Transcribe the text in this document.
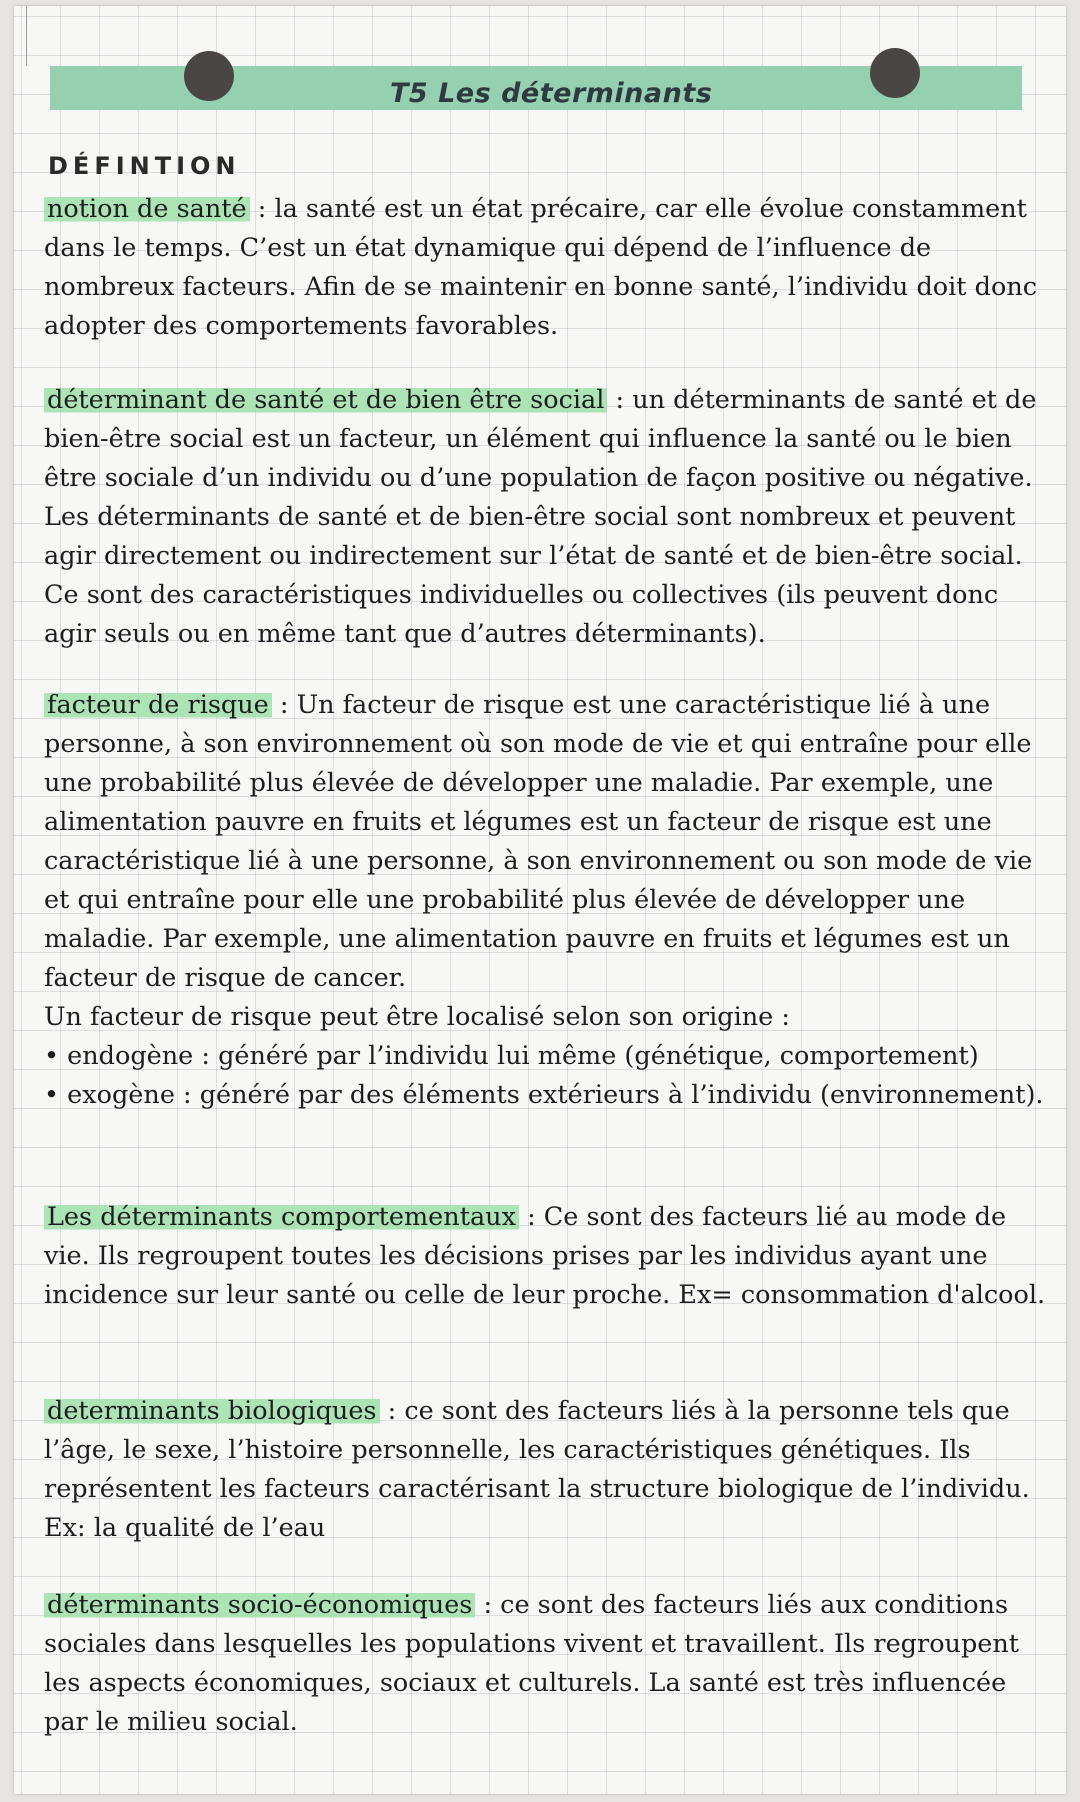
T5 Les déterminants
DÉFINTION

notion de santé : la santé est un état précaire, car elle évolue constamment dans le temps. C’est un état dynamique qui dépend de l’influence de nombreux facteurs. Afin de se maintenir en bonne santé, l’individu doit donc adopter des comportements favorables.

déterminant de santé et de bien être social : un déterminants de santé et de bien-être social est un facteur, un élément qui influence la santé ou le bien être sociale d’un individu ou d’une population de façon positive ou négative. Les déterminants de santé et de bien-être social sont nombreux et peuvent agir directement ou indirectement sur l’état de santé et de bien-être social. Ce sont des caractéristiques individuelles ou collectives (ils peuvent donc agir seuls ou en même tant que d’autres déterminants).

facteur de risque : Un facteur de risque est une caractéristique lié à une personne, à son environnement où son mode de vie et qui entraîne pour elle une probabilité plus élevée de développer une maladie. Par exemple, une alimentation pauvre en fruits et légumes est un facteur de risque est une caractéristique lié à une personne, à son environnement ou son mode de vie et qui entraîne pour elle une probabilité plus élevée de développer une maladie. Par exemple, une alimentation pauvre en fruits et légumes est un facteur de risque de cancer.

Un facteur de risque peut être localisé selon son origine :

• endogène : généré par l’individu lui même (génétique, comportement)

• exogène : généré par des éléments extérieurs à l’individu (environnement).

Les déterminants comportementaux : Ce sont des facteurs lié au mode de vie. Ils regroupent toutes les décisions prises par les individus ayant une incidence sur leur santé ou celle de leur proche. Ex= consommation d'alcool.

determinants biologiques : ce sont des facteurs liés à la personne tels que l’âge, le sexe, l’histoire personnelle, les caractéristiques génétiques. Ils représentent les facteurs caractérisant la structure biologique de l’individu. Ex: la qualité de l’eau

déterminants socio-économiques : ce sont des facteurs liés aux conditions sociales dans lesquelles les populations vivent et travaillent. Ils regroupent les aspects économiques, sociaux et culturels. La santé est très influencée par le milieu social.
